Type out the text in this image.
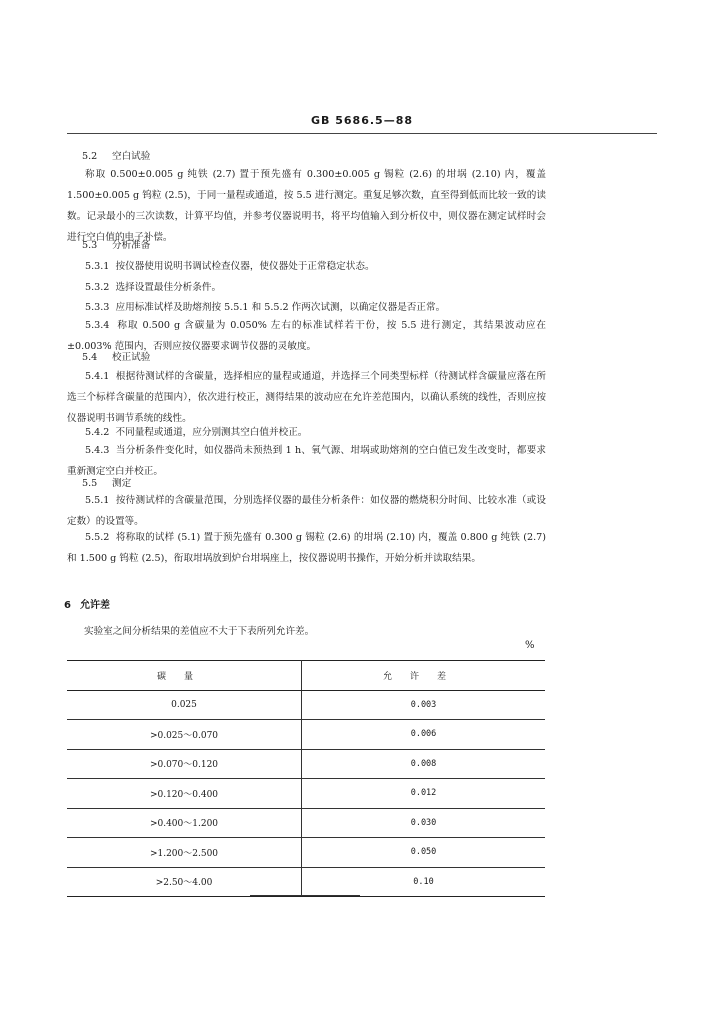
GB 5686.5—88
5.2 空白试验
称取 0.500±0.005 g 纯铁 (2.7) 置于预先盛有 0.300±0.005 g 锡粒 (2.6) 的坩埚 (2.10) 内，覆盖 1.500±0.005 g 钨粒 (2.5)，于同一量程或通道，按 5.5 进行测定。重复足够次数，直至得到低而比较一致的读数。记录最小的三次读数，计算平均值，并参考仪器说明书，将平均值输入到分析仪中，则仪器在测定试样时会进行空白值的电子补偿。
5.3 分析准备
5.3.1 按仪器使用说明书调试检查仪器，使仪器处于正常稳定状态。
5.3.2 选择设置最佳分析条件。
5.3.3 应用标准试样及助熔剂按 5.5.1 和 5.5.2 作两次试测，以确定仪器是否正常。
5.3.4 称取 0.500 g 含碳量为 0.050% 左右的标准试样若干份，按 5.5 进行测定，其结果波动应在 ±0.003% 范围内，否则应按仪器要求调节仪器的灵敏度。
5.4 校正试验
5.4.1 根据待测试样的含碳量，选择相应的量程或通道，并选择三个同类型标样（待测试样含碳量应落在所选三个标样含碳量的范围内），依次进行校正，测得结果的波动应在允许差范围内，以确认系统的线性，否则应按仪器说明书调节系统的线性。
5.4.2 不同量程或通道，应分别测其空白值并校正。
5.4.3 当分析条件变化时，如仪器尚未预热到 1 h、氧气源、坩埚或助熔剂的空白值已发生改变时，都要求重新测定空白并校正。
5.5 测定
5.5.1 按待测试样的含碳量范围，分别选择仪器的最佳分析条件：如仪器的燃烧积分时间、比较水准（或设定数）的设置等。
5.5.2 将称取的试样 (5.1) 置于预先盛有 0.300 g 锡粒 (2.6) 的坩埚 (2.10) 内，覆盖 0.800 g 纯铁 (2.7) 和 1.500 g 钨粒 (2.5)，衔取坩埚放到炉台坩埚座上，按仪器说明书操作，开始分析并读取结果。
6 允许差
实验室之间分析结果的差值应不大于下表所列允许差。
%
碳量	允许差
0.025	0.003
>0.025～0.070	0.006
>0.070～0.120	0.008
>0.120～0.400	0.012
>0.400～1.200	0.030
>1.200～2.500	0.050
>2.50～4.00	0.10
